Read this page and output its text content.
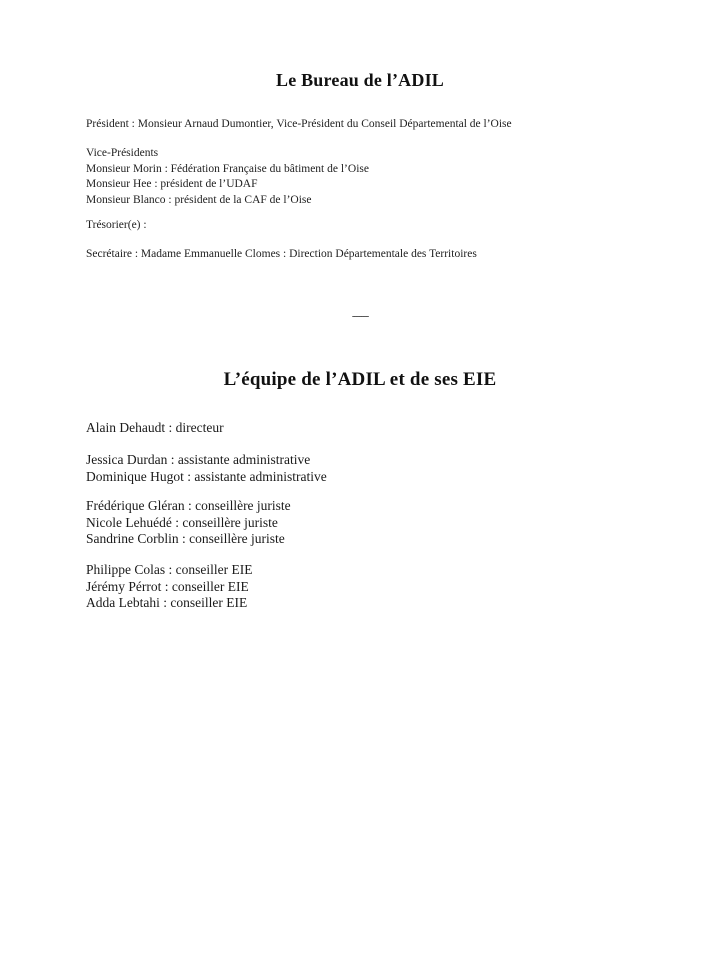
Le Bureau de l’ADIL
Président : Monsieur Arnaud Dumontier, Vice-Président du Conseil Départemental de l’Oise
Vice-Présidents
Monsieur Morin : Fédération Française du bâtiment de l’Oise
Monsieur Hee : président de l’UDAF
Monsieur Blanco : président de la CAF de l’Oise
Trésorier(e) :
Secrétaire : Madame Emmanuelle Clomes : Direction Départementale des Territoires
-------
L’équipe de l’ADIL et de ses EIE
Alain Dehaudt : directeur
Jessica Durdan : assistante administrative
Dominique Hugot : assistante administrative
Frédérique Gléran : conseillère juriste
Nicole Lehuédé : conseillère juriste
Sandrine Corblin : conseillère juriste
Philippe Colas : conseiller EIE
Jérémy Pérrot : conseiller EIE
Adda Lebtahi : conseiller EIE
